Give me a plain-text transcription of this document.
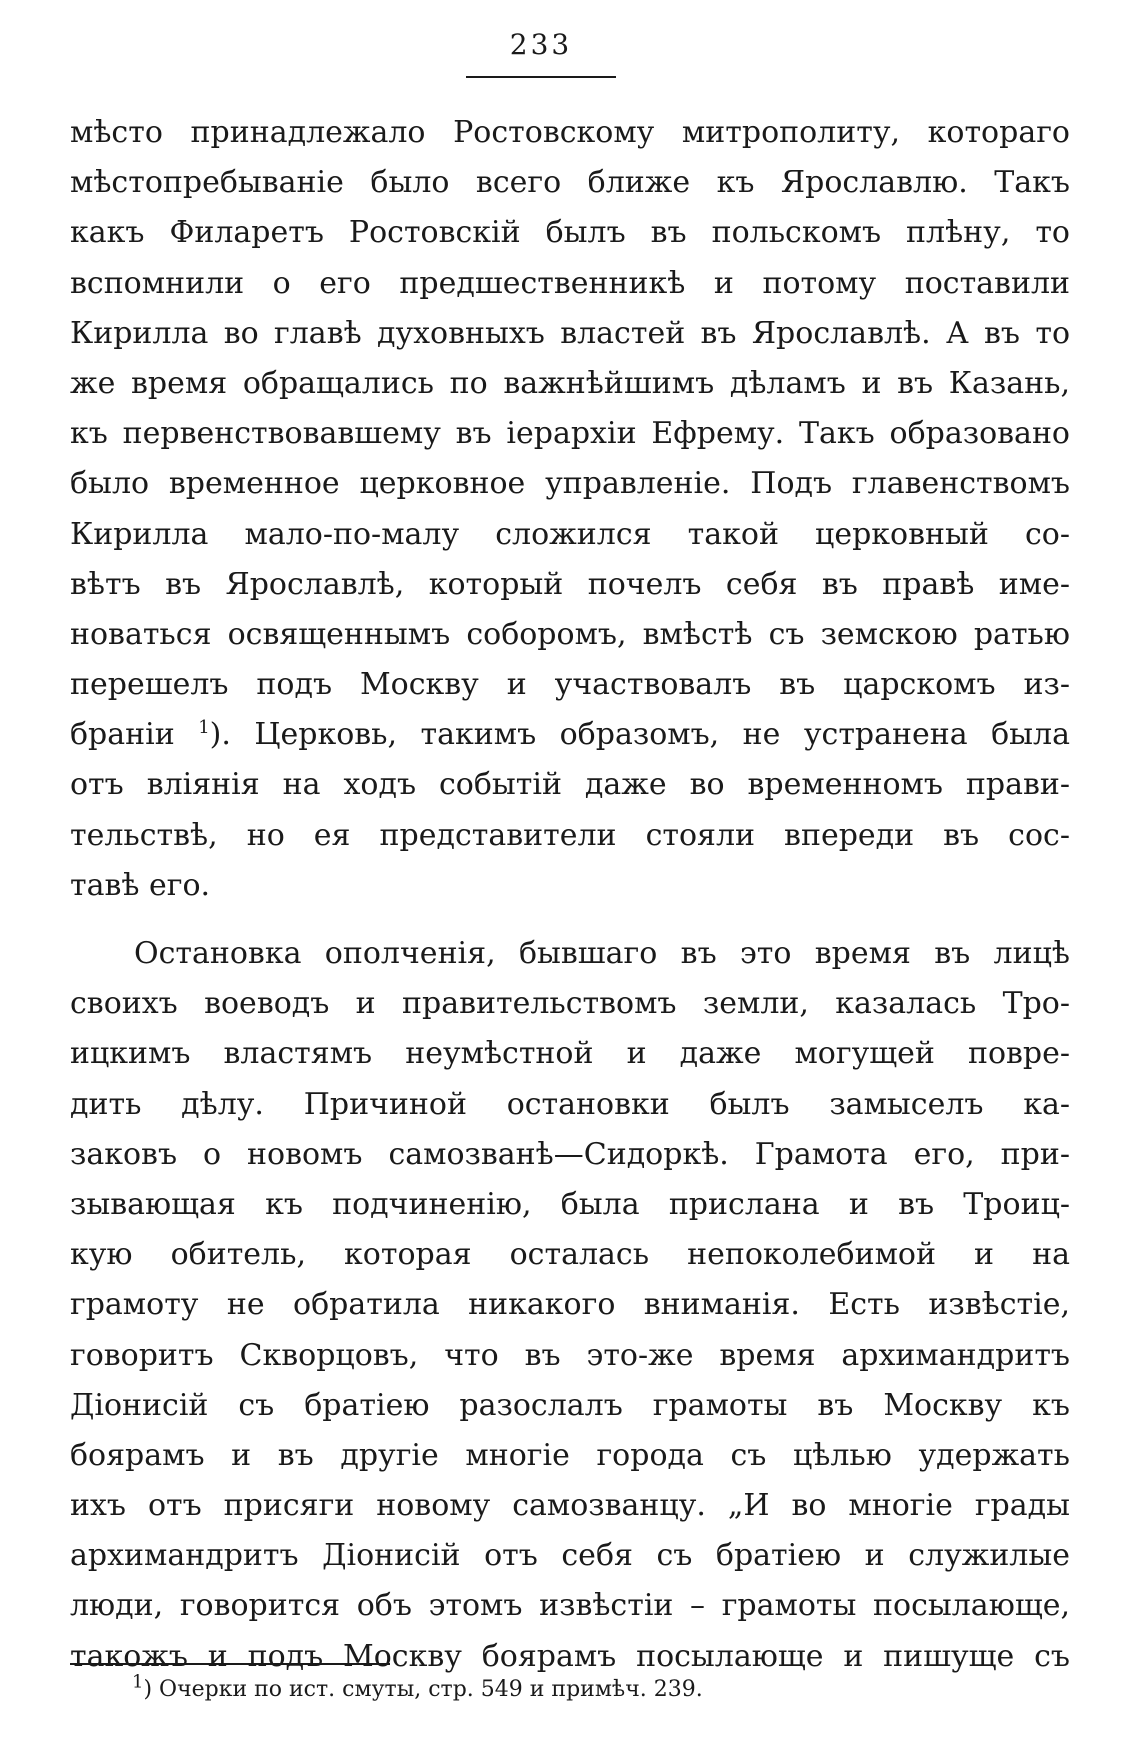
233
мѣсто принадлежало Ростовскому митрополиту, котораго
мѣстопребываніе было всего ближе къ Ярославлю. Такъ
какъ Филаретъ Ростовскій былъ въ польскомъ плѣну, то
вспомнили о его предшественникѣ и потому поставили
Кирилла во главѣ духовныхъ властей въ Ярославлѣ. А въ то
же время обращались по важнѣйшимъ дѣламъ и въ Казань,
къ первенствовавшему въ іерархіи Ефрему. Такъ образовано
было временное церковное управленіе. Подъ главенствомъ
Кирилла мало-по-малу сложился такой церковный со-
вѣтъ въ Ярославлѣ, который почелъ себя въ правѣ име-
новаться освященнымъ соборомъ, вмѣстѣ съ земскою ратью
перешелъ подъ Москву и участвовалъ въ царскомъ из-
браніи $^1$). Церковь, такимъ образомъ, не устранена была
отъ вліянія на ходъ событій даже во временномъ прави-
тельствѣ, но ея представители стояли впереди въ сос-
тавѣ его.
Остановка ополченія, бывшаго въ это время въ лицѣ
своихъ воеводъ и правительствомъ земли, казалась Тро-
ицкимъ властямъ неумѣстной и даже могущей повре-
дить дѣлу. Причиной остановки былъ замыселъ ка-
заковъ о новомъ самозванѣ—Сидоркѣ. Грамота его, при-
зывающая къ подчиненію, была прислана и въ Троиц-
кую обитель, которая осталась непоколебимой и на
грамоту не обратила никакого вниманія. Есть извѣстіе,
говоритъ Скворцовъ, что въ это-же время архимандритъ
Діонисій съ братіею разослалъ грамоты въ Москву къ
боярамъ и въ другіе многіе города съ цѣлью удержать
ихъ отъ присяги новому самозванцу. „И во многіе грады
архимандритъ Діонисій отъ себя съ братіею и служилые
люди, говорится объ этомъ извѣстіи – грамоты посылающе,
такожъ и подъ Москву боярамъ посылающе и пишуще съ
$^1$) Очерки по ист. смуты, стр. 549 и примѣч. 239.
